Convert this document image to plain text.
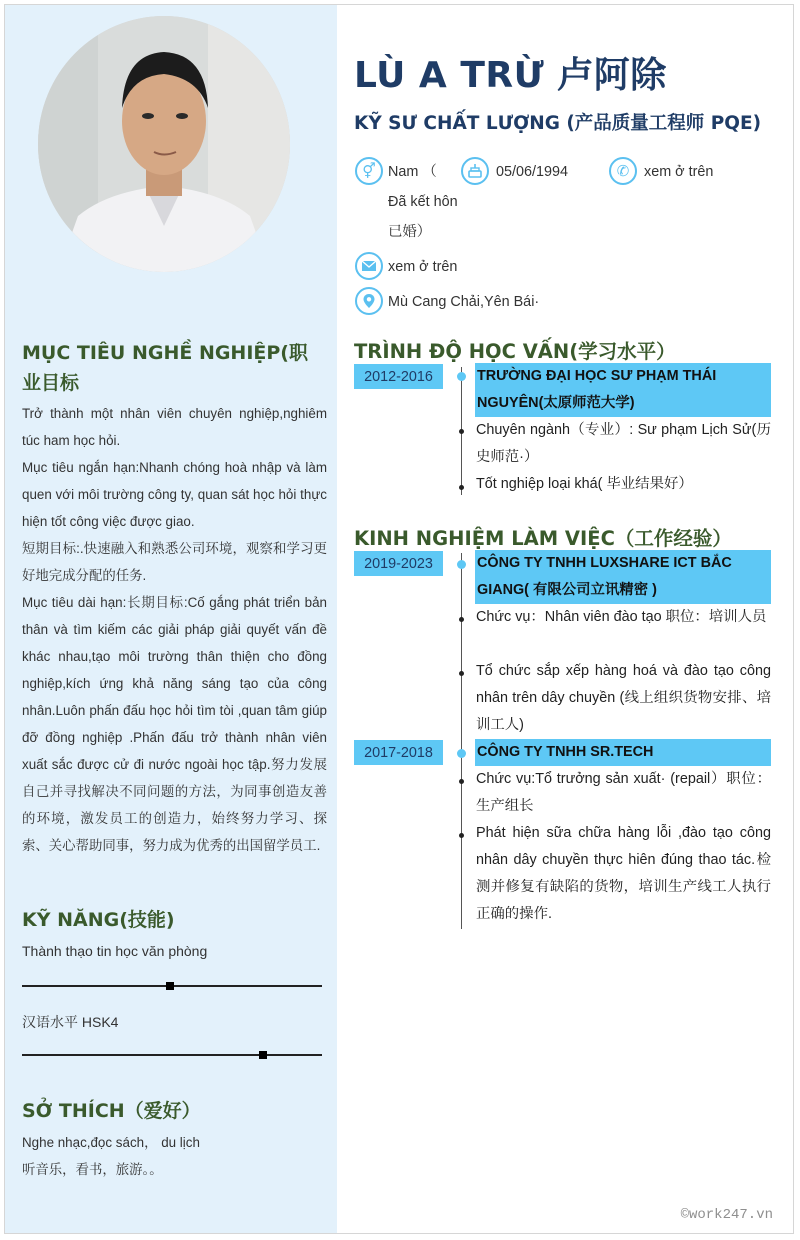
MỤC TIÊU NGHỀ NGHIỆP(职业目标

Trở thành một nhân viên chuyên nghiệp,nghiêm túc ham học hỏi.

Mục tiêu ngắn hạn:Nhanh chóng hoà nhập và làm quen với môi trường công ty, quan sát học hỏi thực hiện tốt công việc được giao.

短期目标:.快速融入和熟悉公司环境，观察和学习更好地完成分配的任务.

Mục tiêu dài hạn:长期目标:Cố gắng phát triển bản thân và tìm kiếm các giải pháp giải quyết vấn đề khác nhau,tạo môi trường thân thiện cho đồng nghiệp,kích ứng khả năng sáng tạo của công nhân.Luôn phấn đấu học hỏi tìm tòi ,quan tâm giúp đỡ đồng nghiệp .Phấn đấu trở thành nhân viên xuất sắc được cử đi nước ngoài học tập.努力发展自己并寻找解决不同问题的方法，为同事创造友善的环境，激发员工的创造力，始终努力学习、探索、关心帮助同事，努力成为优秀的出国留学员工.

KỸ NĂNG(技能)
Thành thạo tin học văn phòng
汉语水平 HSK4
SỞ THÍCH（爱好）

Nghe nhạc,đọc sách， du lịch

听音乐，看书，旅游。。

LÙ A TRỪ 卢阿除
KỸ SƯ CHẤT LƯỢNG (产品质量工程师 PQE)
⚥ Nam （
Đã kết hôn
已婚）
05/06/1994	✆	xem ở trên
xem ở trên
Mù Cang Chải,Yên Bái·
TRÌNH ĐỘ HỌC VẤN(学习水平）
2012-2016	TRƯỜNG ĐẠI HỌC SƯ PHẠM THÁI NGUYÊN(太原师范大学)
Chuyên ngành（专业）: Sư phạm Lịch Sử(历史师范·）
Tốt nghiệp loại khá( 毕业结果好）
KINH NGHIỆM LÀM VIỆC（工作经验）
2019-2023	CÔNG TY TNHH LUXSHARE ICT BẮC GIANG( 有限公司立讯精密 )
Chức vụ：Nhân viên đào tạo 职位：培训人员
Tổ chức sắp xếp hàng hoá và đào tạo công nhân trên dây chuyền (线上组织货物安排、培训工人)
2017-2018	CÔNG TY TNHH SR.TECH
Chức vụ:Tổ trưởng sản xuất· (repail）职位：生产组长
Phát hiện sữa chữa hàng lỗi ,đào tạo công nhân dây chuyền thực hiên đúng thao tác.检测并修复有缺陷的货物，培训生产线工人执行正确的操作.
©work247.vn
